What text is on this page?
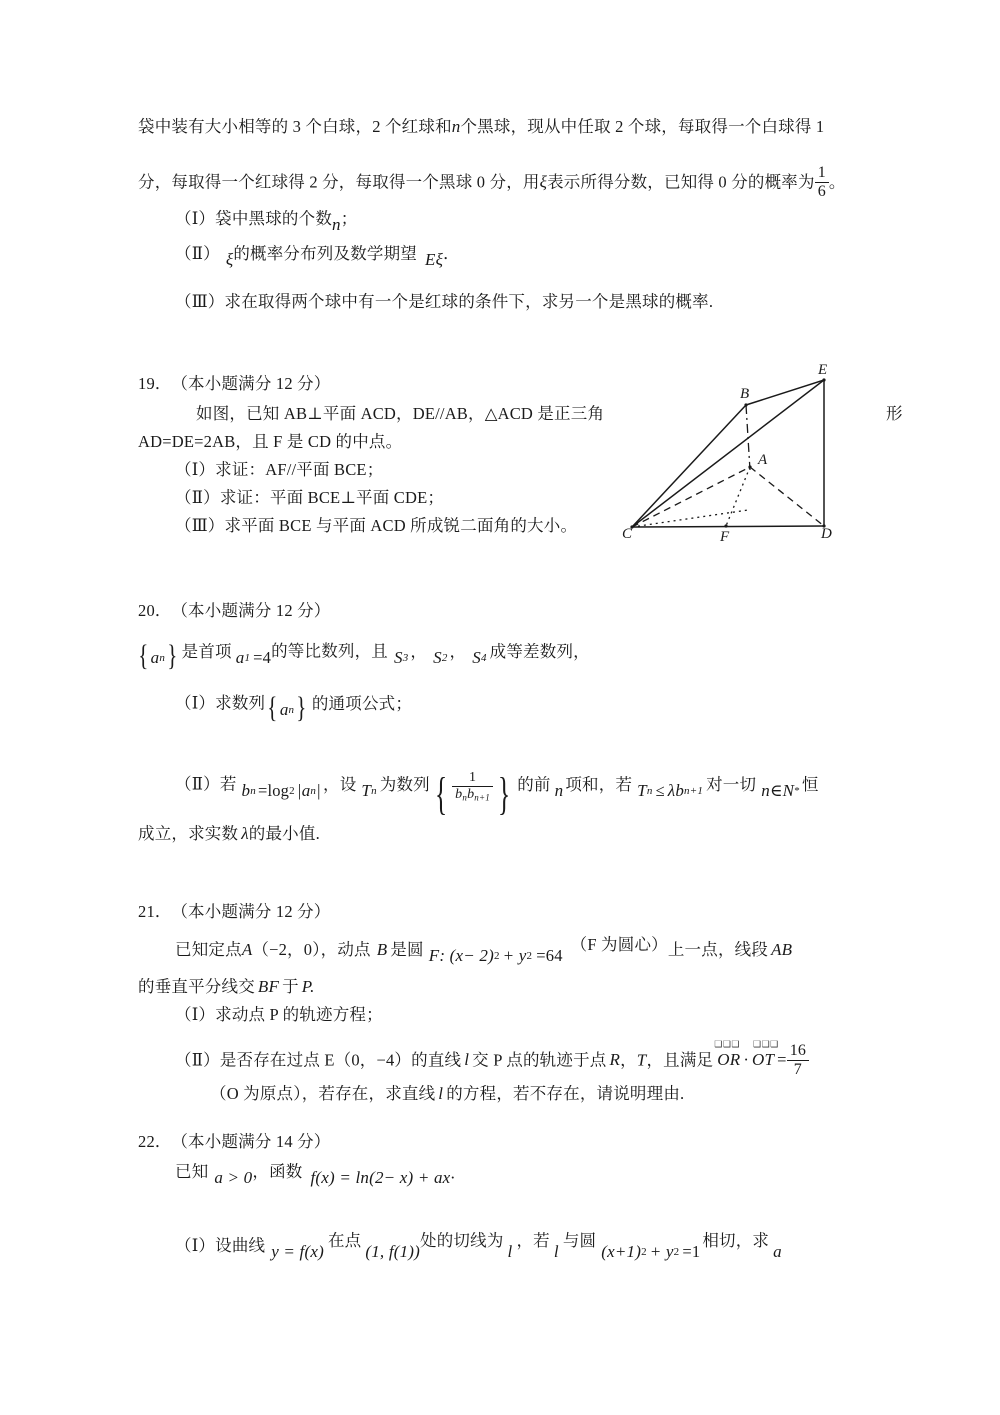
袋中装有大小相等的 3 个白球，2 个红球和n个黑球，现从中任取 2 个球，每取得一个白球得 1
分，每取得一个红球得 2 分，每取得一个黑球 0 分，用ξ表示所得分数，已知得 0 分的概率为 $\frac{1}{6}$ 。
（Ⅰ）袋中黑球的个数n；
（Ⅱ） ξ的概率分布列及数学期望 Eξ．
（Ⅲ）求在取得两个球中有一个是红球的条件下，求另一个是黑球的概率.
19． （本小题满分 12 分）
如图，已知 AB⊥平面 ACD，DE//AB，△ACD 是正三角	形
AD=DE=2AB，且 F 是 CD 的中点。
（Ⅰ）求证：AF//平面 BCE；
（Ⅱ）求证：平面 BCE⊥平面 CDE；
（Ⅲ）求平面 BCE 与平面 ACD 所成锐二面角的大小。
E
B
A
C	F	D
20． （本小题满分 12 分）
{ an} 是首项 a1 =4的等比数列，且 S3 ， S2 ， S4 成等差数列，
（Ⅰ）求数列{ an} 的通项公式；
（Ⅱ）若 bn =log2 |an| ，设 Tn 为数列 { $\frac{1}{b_nb_{n+1}}$ } 的前 n 项和，若 Tn ≤ λbn+1 对一切 n∈N* 恒
成立，求实数 λ的最小值.
21． （本小题满分 12 分）
已知定点A（−2，0），动点 B 是圆 F: (x− 2)2 + y2 =64（F 为圆心）上一点，线段 AB
的垂直平分线交 BF 于 P.
（Ⅰ）求动点 P 的轨迹方程；
（Ⅱ）是否存在过点 E（0，−4）的直线 l 交 P 点的轨迹于点 R，T，且满足
❑❑❑
OR ·
❑❑❑
OT = $\frac{16}{7}$
（O 为原点），若存在，求直线 l 的方程，若不存在，请说明理由.
22． （本小题满分 14 分）
已知 a > 0，函数 f(x) = ln(2− x) + ax·
（Ⅰ）设曲线 y = f(x)在点(1, f(1))处的切线为l，若l与圆(x+1)2 + y2 =1相切，求a
